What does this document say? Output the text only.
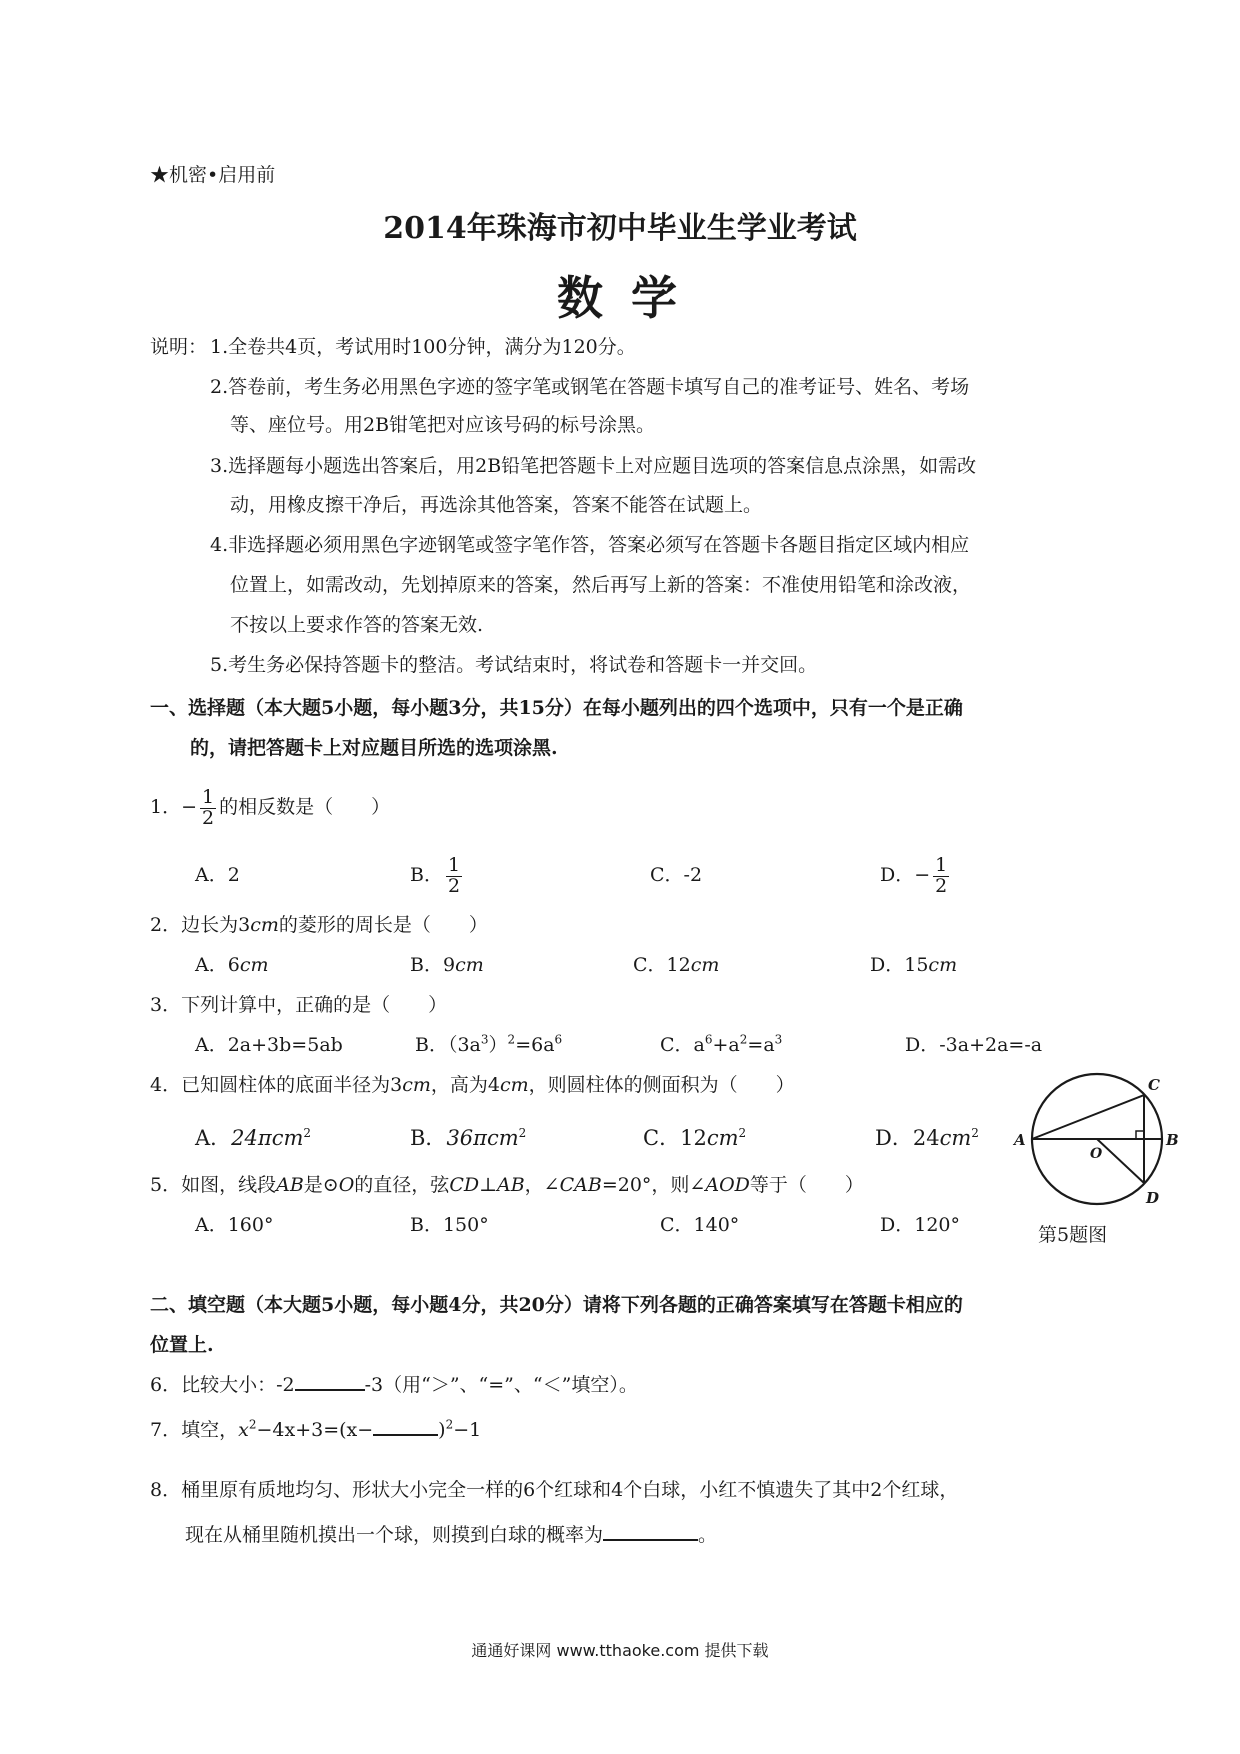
★机密•启用前
2014年珠海市初中毕业生学业考试
数 学
说明： 1.全卷共4页，考试用时100分钟，满分为120分。
2.答卷前，考生务必用黑色字迹的签字笔或钢笔在答题卡填写自己的准考证号、姓名、考场
等、座位号。用2B钳笔把对应该号码的标号涂黑。
3.选择题每小题选出答案后，用2B铅笔把答题卡上对应题目选项的答案信息点涂黑，如需改
动，用橡皮擦干净后，再选涂其他答案，答案不能答在试题上。
4.非选择题必须用黑色字迹钢笔或签字笔作答，答案必须写在答题卡各题目指定区域内相应
位置上，如需改动，先划掉原来的答案，然后再写上新的答案：不准使用铅笔和涂改液，
不按以上要求作答的答案无效.
5.考生务必保持答题卡的整洁。考试结束时，将试卷和答题卡一并交回。
一、选择题（本大题5小题，每小题3分，共15分）在每小题列出的四个选项中，只有一个是正确
的，请把答题卡上对应题目所选的选项涂黑.
1．− $\frac{1}{2}$ 的相反数是（　　）
A．2	B． $\frac{1}{2}$	C．-2	D．− $\frac{1}{2}$
2．边长为3cm的菱形的周长是（　　）
A．6cm	B．9cm	C．12cm	D．15cm
3．下列计算中，正确的是（　　）
A．2a+3b=5ab	B．$(3a^3)^2=6a^6$	C．$a^6+a^2=a^3$	D．-3a+2a=-a
4．已知圆柱体的底面半径为3cm，高为4cm，则圆柱体的侧面积为（　　）
A．24πcm$^2$	B．36πcm$^2$	C．$12cm^2$	D．$24cm^2$
5．如图，线段AB是⊙O的直径，弦CD⊥AB，∠CAB=20°，则∠AOD等于（　　）
A．160°	B．150°	C．140°	D．120°
A	B
C
D
O
第5题图
二、填空题（本大题5小题，每小题4分，共20分）请将下列各题的正确答案填写在答题卡相应的
位置上.
6．比较大小：-2	-3（用“＞”、“=”、“＜”填空）。
7．填空，$x^2-4x+3=(x-$	)$^2$−1
8．桶里原有质地均匀、形状大小完全一样的6个红球和4个白球，小红不慎遗失了其中2个红球，
现在从桶里随机摸出一个球，则摸到白球的概率为	。
通通好课网 www.tthaoke.com 提供下载
